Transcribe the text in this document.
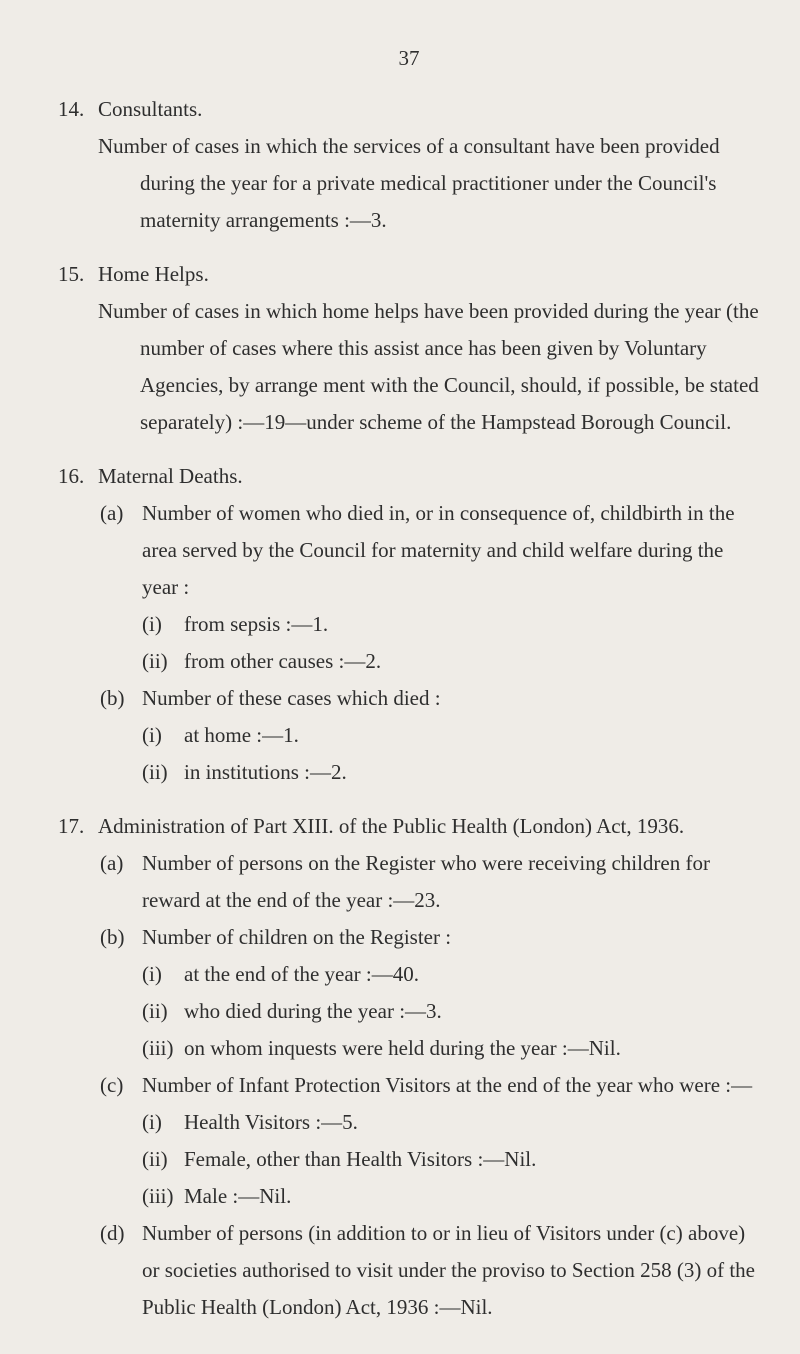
37
14. Consultants.
Number of cases in which the services of a consultant have been provided during the year for a private medical practitioner under the Council's maternity arrangements :—3.
15. Home Helps.
Number of cases in which home helps have been provided during the year (the number of cases where this assist ance has been given by Voluntary Agencies, by arrange ment with the Council, should, if possible, be stated separately) :—19—under scheme of the Hampstead Borough Council.
16. Maternal Deaths.
(a) Number of women who died in, or in consequence of, childbirth in the area served by the Council for maternity and child welfare during the year :
(i) from sepsis :—1.
(ii) from other causes :—2.
(b) Number of these cases which died :
(i) at home :—1.
(ii) in institutions :—2.
17. Administration of Part XIII. of the Public Health (London) Act, 1936.
(a) Number of persons on the Register who were receiving children for reward at the end of the year :—23.
(b) Number of children on the Register :
(i) at the end of the year :—40.
(ii) who died during the year :—3.
(iii) on whom inquests were held during the year :—Nil.
(c) Number of Infant Protection Visitors at the end of the year who were :—
(i) Health Visitors :—5.
(ii) Female, other than Health Visitors :—Nil.
(iii) Male :—Nil.
(d) Number of persons (in addition to or in lieu of Visitors under (c) above) or societies authorised to visit under the proviso to Section 258 (3) of the Public Health (London) Act, 1936 :—Nil.
